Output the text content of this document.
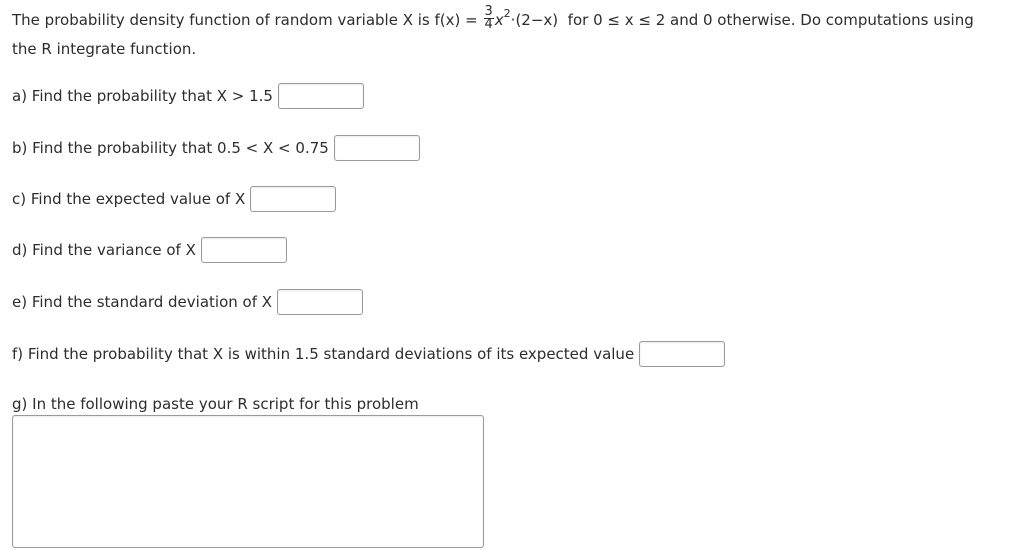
The probability density function of random variable X is $f(x) = \frac{3}{4} x^2\cdot(2-x)$  for 0 ≤ x ≤ 2 and 0 otherwise. Do computations using
the R integrate function.
a) Find the probability that X > 1.5
b) Find the probability that 0.5 < X < 0.75
c) Find the expected value of X
d) Find the variance of X
e) Find the standard deviation of X
f) Find the probability that X is within 1.5 standard deviations of its expected value
g) In the following paste your R script for this problem
